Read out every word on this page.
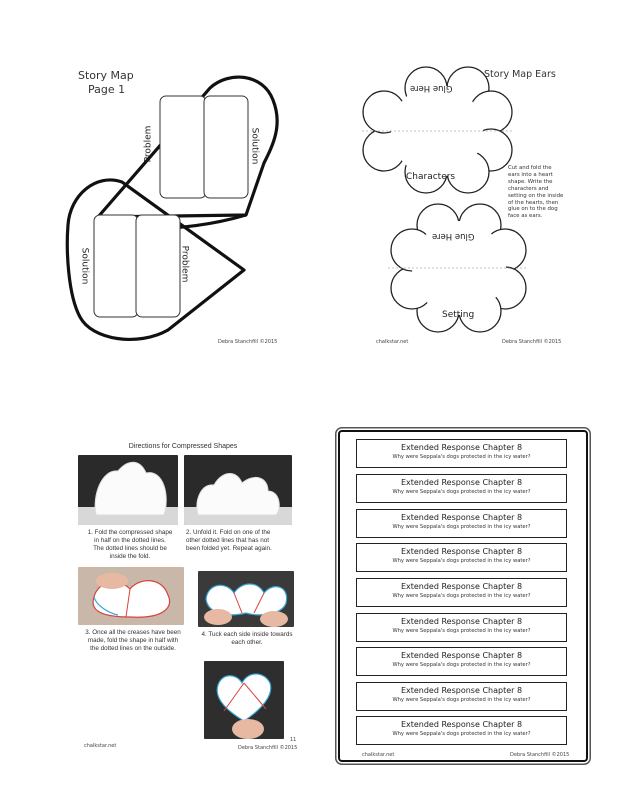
Story Map
Page 1
Problem	Solution
Solution	Problem
Debra Stanchfill ©2015
Story Map Ears
Glue Here
Characters
Glue Here
Setting
Cut and fold the
ears into a heart
shape. Write the
characters and
setting on the inside
of the hearts, then
glue on to the dog
face as ears.
chalkstar.net	Debra Stanchfill ©2015
Directions for Compressed Shapes
1. Fold the compressed shape
in half on the dotted lines.
The dotted lines should be
inside the fold.
2. Unfold it. Fold on one of the
other dotted lines that has not
been folded yet. Repeat again.
3. Once all the creases have been
made, fold the shape in half with
the dotted lines on the outside.
4. Tuck each side inside towards
each other.
11
chalkstar.net	Debra Stanchfill ©2015
Extended Response Chapter 8
Why were Seppala's dogs protected in the icy water?
Extended Response Chapter 8
Why were Seppala's dogs protected in the icy water?
Extended Response Chapter 8
Why were Seppala's dogs protected in the icy water?
Extended Response Chapter 8
Why were Seppala's dogs protected in the icy water?
Extended Response Chapter 8
Why were Seppala's dogs protected in the icy water?
Extended Response Chapter 8
Why were Seppala's dogs protected in the icy water?
Extended Response Chapter 8
Why were Seppala's dogs protected in the icy water?
Extended Response Chapter 8
Why were Seppala's dogs protected in the icy water?
Extended Response Chapter 8
Why were Seppala's dogs protected in the icy water?
chalkstar.net	Debra Stanchfill ©2015
